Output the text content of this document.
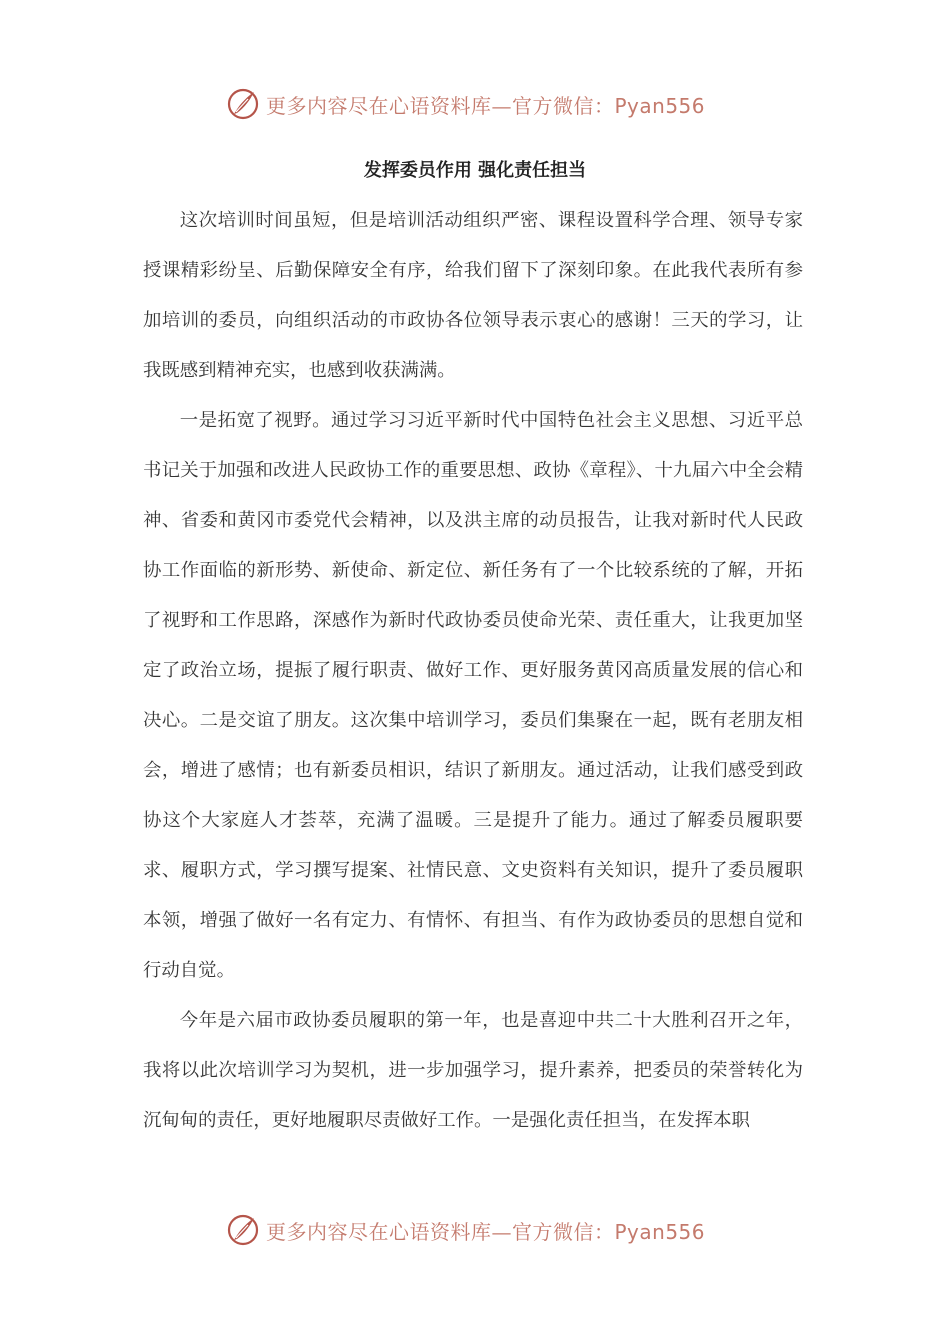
更多内容尽在心语资料库—官方微信：Pyan556
发挥委员作用 强化责任担当

这次培训时间虽短，但是培训活动组织严密、课程设置科学合理、领导专家授课精彩纷呈、后勤保障安全有序，给我们留下了深刻印象。在此我代表所有参加培训的委员，向组织活动的市政协各位领导表示衷心的感谢！三天的学习，让我既感到精神充实，也感到收获满满。

一是拓宽了视野。通过学习习近平新时代中国特色社会主义思想、习近平总书记关于加强和改进人民政协工作的重要思想、政协《章程》、十九届六中全会精神、省委和黄冈市委党代会精神，以及洪主席的动员报告，让我对新时代人民政协工作面临的新形势、新使命、新定位、新任务有了一个比较系统的了解，开拓了视野和工作思路，深感作为新时代政协委员使命光荣、责任重大，让我更加坚定了政治立场，提振了履行职责、做好工作、更好服务黄冈高质量发展的信心和决心。二是交谊了朋友。这次集中培训学习，委员们集聚在一起，既有老朋友相会，增进了感情；也有新委员相识，结识了新朋友。通过活动，让我们感受到政协这个大家庭人才荟萃，充满了温暖。三是提升了能力。通过了解委员履职要求、履职方式，学习撰写提案、社情民意、文史资料有关知识，提升了委员履职本领，增强了做好一名有定力、有情怀、有担当、有作为政协委员的思想自觉和行动自觉。

今年是六届市政协委员履职的第一年，也是喜迎中共二十大胜利召开之年，我将以此次培训学习为契机，进一步加强学习，提升素养，把委员的荣誉转化为沉甸甸的责任，更好地履职尽责做好工作。一是强化责任担当，在发挥本职

更多内容尽在心语资料库—官方微信：Pyan556
